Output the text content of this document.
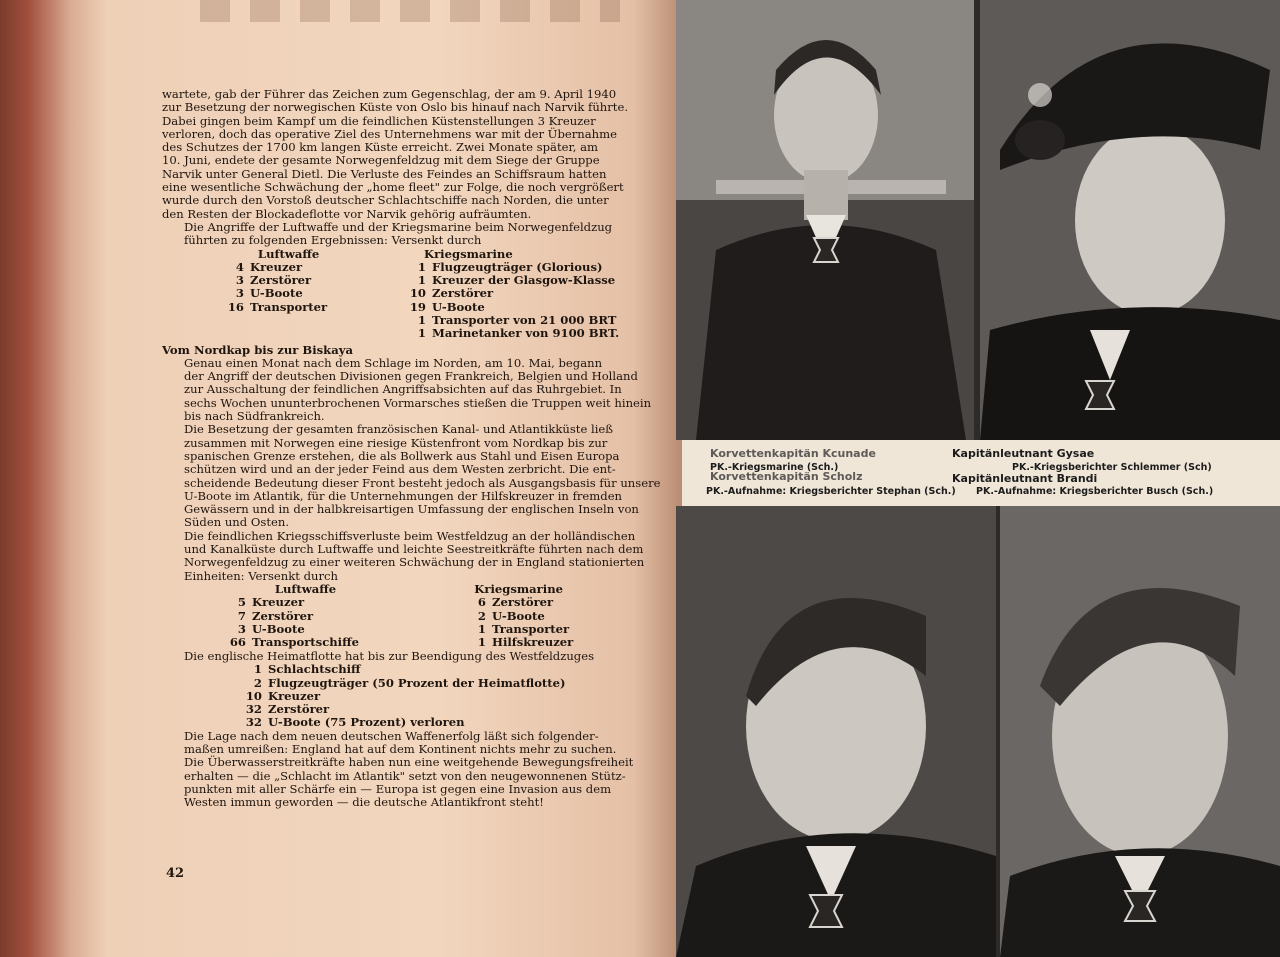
wartete, gab der Führer das Zeichen zum Gegenschlag, der am 9. April 1940
zur Besetzung der norwegischen Küste von Oslo bis hinauf nach Narvik führte.
Dabei gingen beim Kampf um die feindlichen Küstenstellungen 3 Kreuzer
verloren, doch das operative Ziel des Unternehmens war mit der Übernahme
des Schutzes der 1700 km langen Küste erreicht. Zwei Monate später, am
10. Juni, endete der gesamte Norwegenfeldzug mit dem Siege der Gruppe
Narvik unter General Dietl. Die Verluste des Feindes an Schiffsraum hatten
eine wesentliche Schwächung der „home fleet" zur Folge, die noch vergrößert
wurde durch den Vorstoß deutscher Schlachtschiffe nach Norden, die unter
den Resten der Blockadeflotte vor Narvik gehörig aufräumten.
Die Angriffe der Luftwaffe und der Kriegsmarine beim Norwegenfeldzug
führten zu folgenden Ergebnissen: Versenkt durch
Luftwaffe
4 Kreuzer
3 Zerstörer
3 U-Boote
16 Transporter
Kriegsmarine
1 Flugzeugträger (Glorious)
1 Kreuzer der Glasgow-Klasse
10 Zerstörer
19 U-Boote
1 Transporter von 21 000 BRT
1 Marinetanker von 9100 BRT.
Vom Nordkap bis zur Biskaya
Genau einen Monat nach dem Schlage im Norden, am 10. Mai, begann
der Angriff der deutschen Divisionen gegen Frankreich, Belgien und Holland
zur Ausschaltung der feindlichen Angriffsabsichten auf das Ruhrgebiet. In
sechs Wochen ununterbrochenen Vormarsches stießen die Truppen weit hinein
bis nach Südfrankreich.
Die Besetzung der gesamten französischen Kanal- und Atlantikküste ließ
zusammen mit Norwegen eine riesige Küstenfront vom Nordkap bis zur
spanischen Grenze erstehen, die als Bollwerk aus Stahl und Eisen Europa
schützen wird und an der jeder Feind aus dem Westen zerbricht. Die ent-
scheidende Bedeutung dieser Front besteht jedoch als Ausgangsbasis für unsere
U-Boote im Atlantik, für die Unternehmungen der Hilfskreuzer in fremden
Gewässern und in der halbkreisartigen Umfassung der englischen Inseln von
Süden und Osten.
Die feindlichen Kriegsschiffsverluste beim Westfeldzug an der holländischen
und Kanalküste durch Luftwaffe und leichte Seestreitkräfte führten nach dem
Norwegenfeldzug zu einer weiteren Schwächung der in England stationierten
Einheiten: Versenkt durch
Luftwaffe
5 Kreuzer
7 Zerstörer
3 U-Boote
66 Transportschiffe
Kriegsmarine
6 Zerstörer
2 U-Boote
1 Transporter
1 Hilfskreuzer
Die englische Heimatflotte hat bis zur Beendigung des Westfeldzuges
1 Schlachtschiff
2 Flugzeugträger (50 Prozent der Heimatflotte)
10 Kreuzer
32 Zerstörer
32 U-Boote (75 Prozent) verloren
Die Lage nach dem neuen deutschen Waffenerfolg läßt sich folgender-
maßen umreißen: England hat auf dem Kontinent nichts mehr zu suchen.
Die Überwasserstreitkräfte haben nun eine weitgehende Bewegungsfreiheit
erhalten — die „Schlacht im Atlantik" setzt von den neugewonnenen Stütz-
punkten mit aller Schärfe ein — Europa ist gegen eine Invasion aus dem
Westen immun geworden — die deutsche Atlantikfront steht!
42
Korvettenkapitän Kcunade
PK.-Kriegsmarine (Sch.)
Kapitänleutnant Gysae
PK.-Kriegsberichter Schlemmer (Sch)
Korvettenkapitän Scholz	Kapitänleutnant Brandi
PK.-Aufnahme: Kriegsberichter Stephan (Sch.) PK.-Aufnahme: Kriegsberichter Busch (Sch.)
